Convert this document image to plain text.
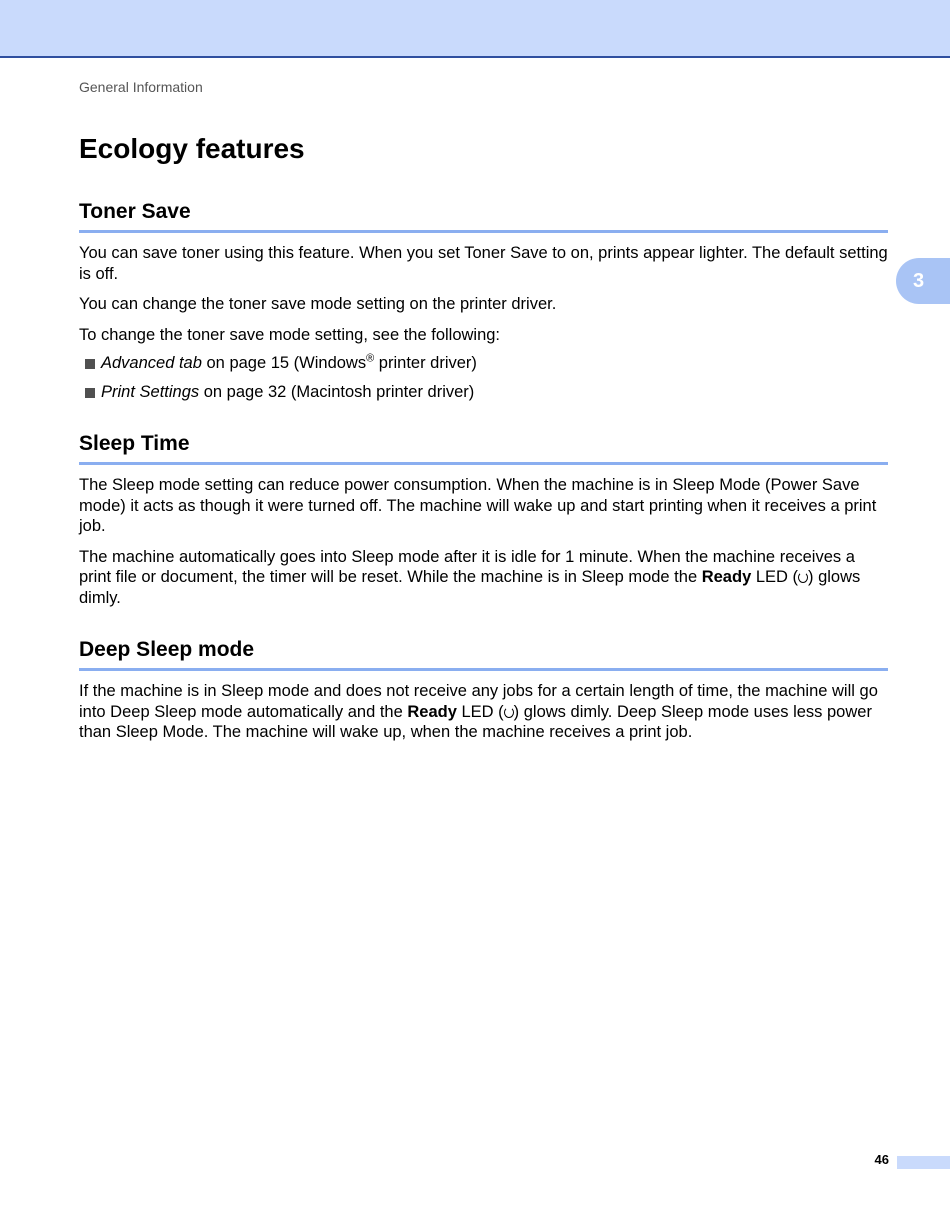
General Information
3
Ecology features
Toner Save

You can save toner using this feature. When you set Toner Save to on, prints appear lighter. The default setting is off.

You can change the toner save mode setting on the printer driver.

To change the toner save mode setting, see the following:

Advanced tab on page 15 (Windows® printer driver)
Print Settings on page 32 (Macintosh printer driver)
Sleep Time

The Sleep mode setting can reduce power consumption. When the machine is in Sleep Mode (Power Save mode) it acts as though it were turned off. The machine will wake up and start printing when it receives a print job.

The machine automatically goes into Sleep mode after it is idle for 1 minute. When the machine receives a print file or document, the timer will be reset. While the machine is in Sleep mode the Ready LED ( ) glows dimly.

Deep Sleep mode

If the machine is in Sleep mode and does not receive any jobs for a certain length of time, the machine will go into Deep Sleep mode automatically and the Ready LED ( ) glows dimly. Deep Sleep mode uses less power than Sleep Mode. The machine will wake up, when the machine receives a print job.

46
